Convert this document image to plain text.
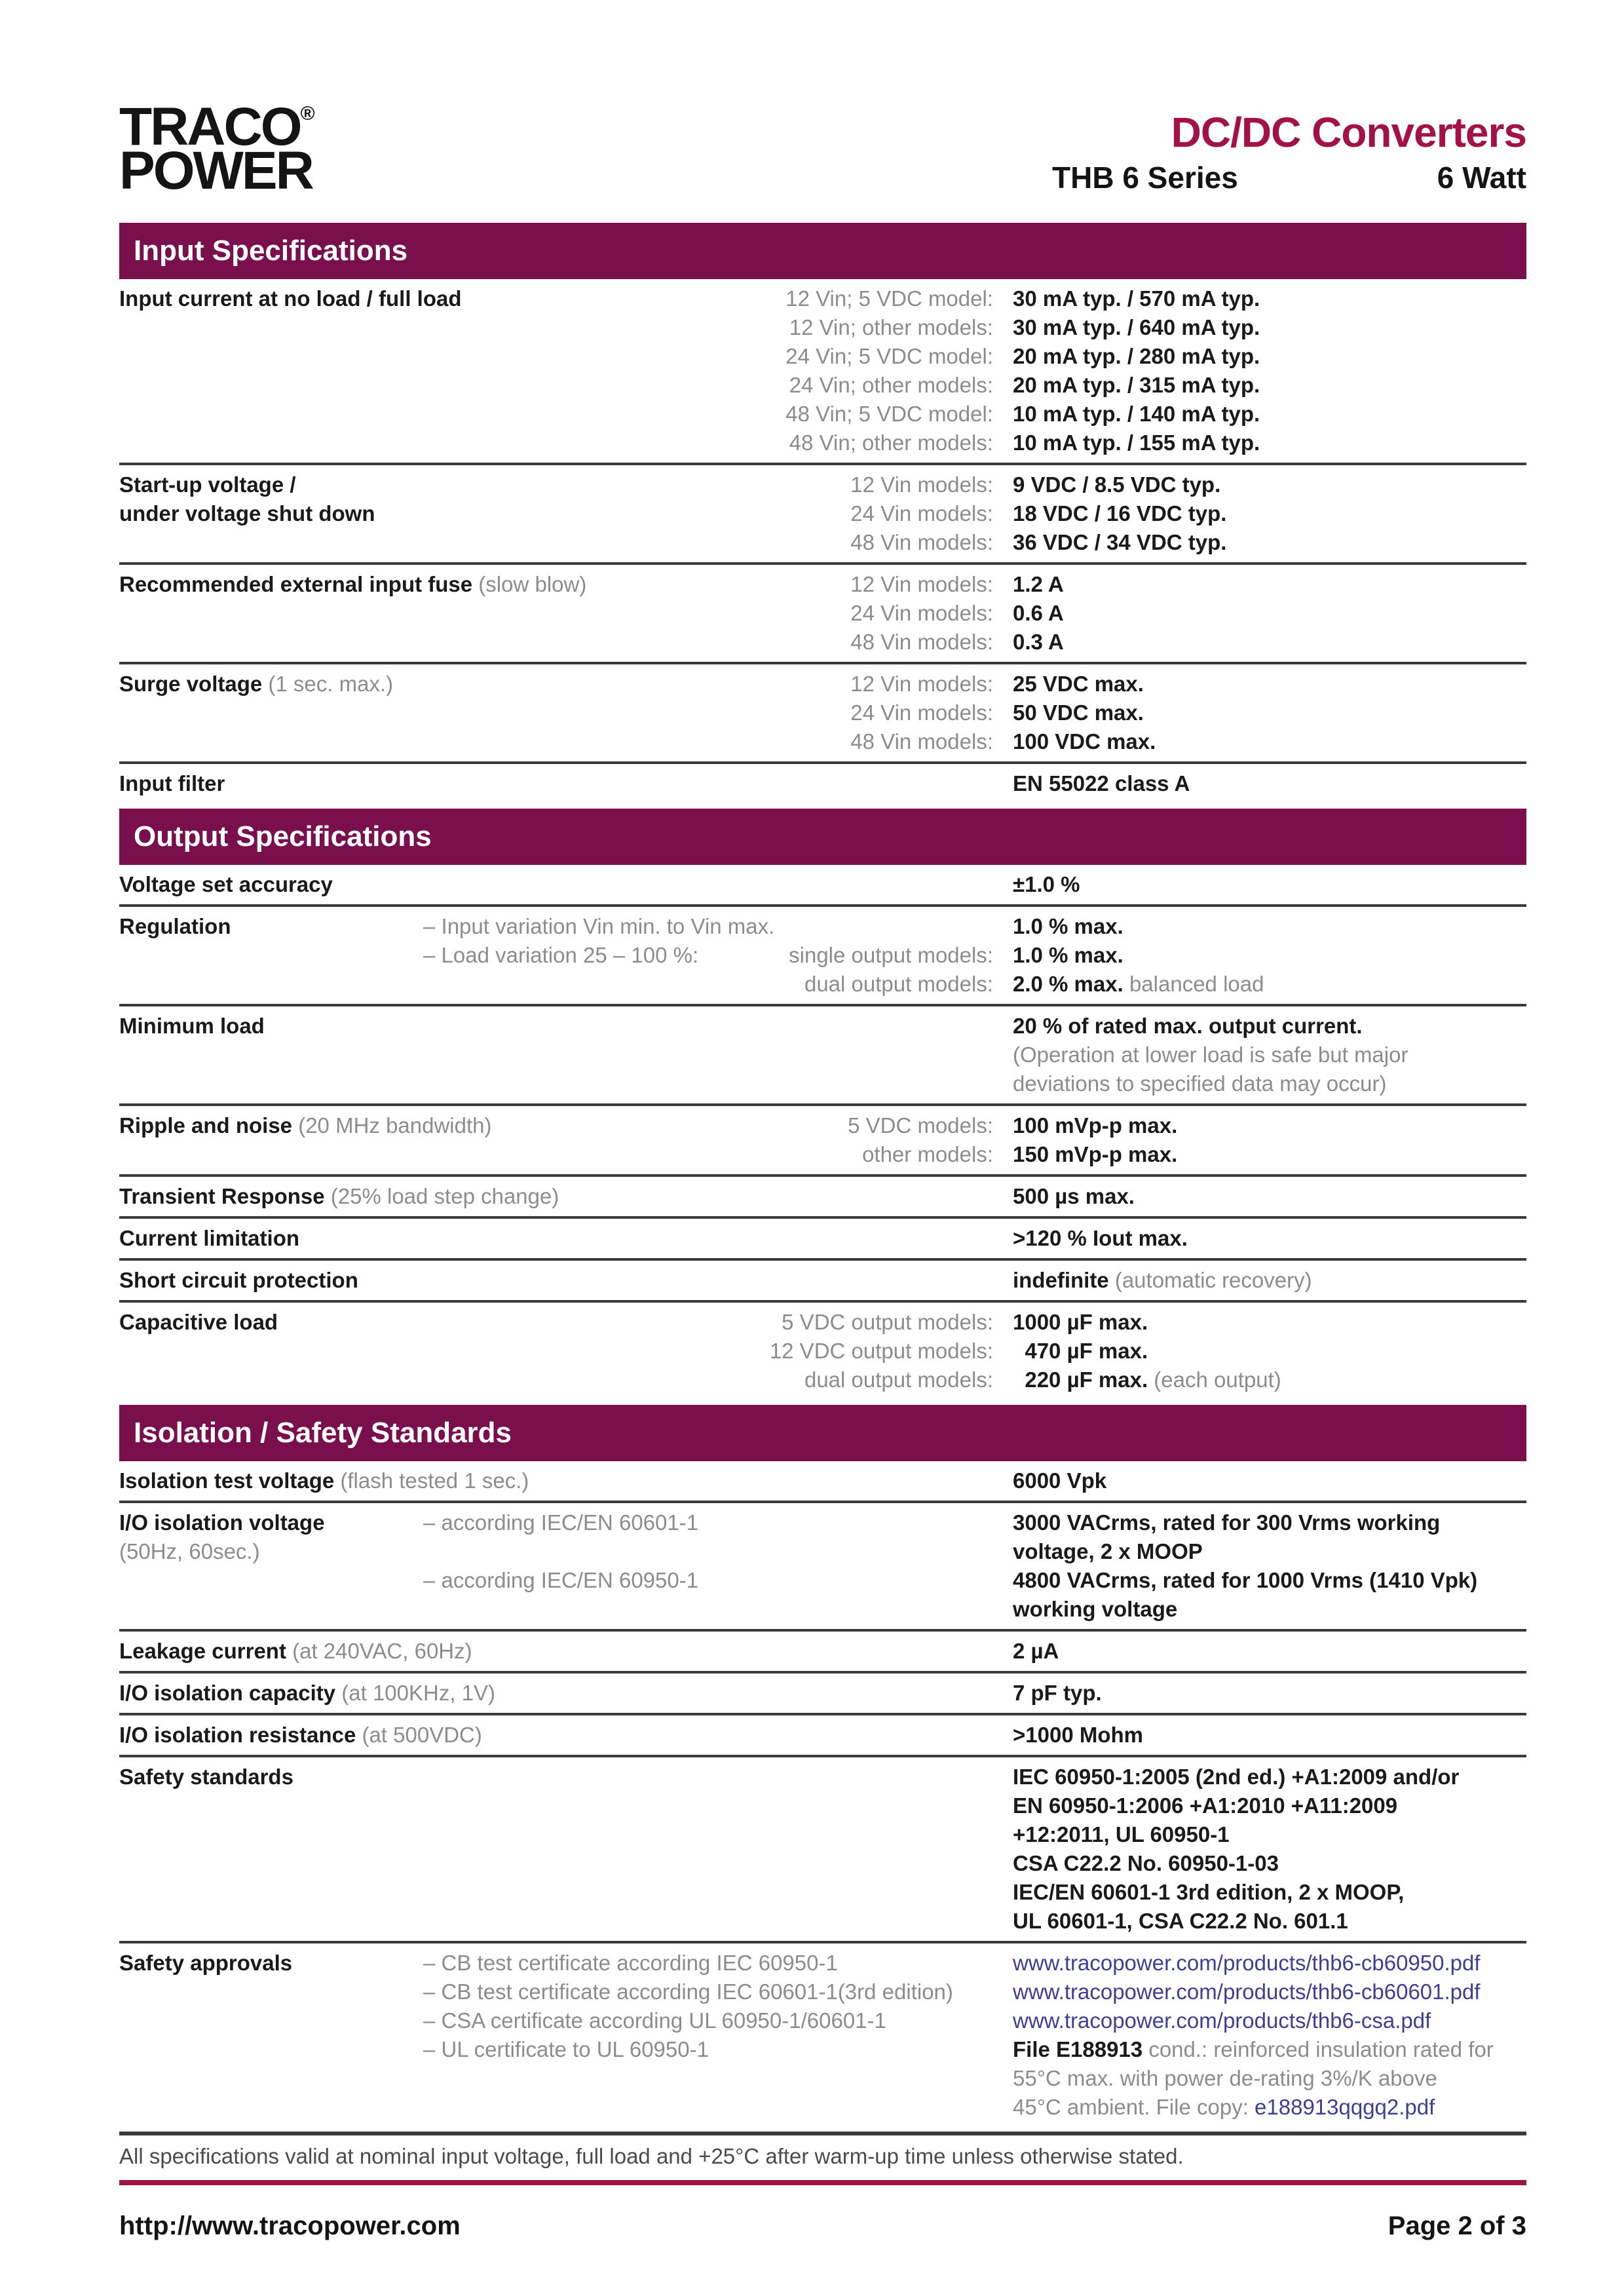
TRACO®
POWER
DC/DC Converters
THB 6 Series	6 Watt
Input Specifications
Input current at no load / full load	12 Vin; 5 VDC model: 30 mA typ. / 570 mA typ.
12 Vin; other models: 30 mA typ. / 640 mA typ.
24 Vin; 5 VDC model: 20 mA typ. / 280 mA typ.
24 Vin; other models: 20 mA typ. / 315 mA typ.
48 Vin; 5 VDC model: 10 mA typ. / 140 mA typ.
48 Vin; other models: 10 mA typ. / 155 mA typ.
Start-up voltage /
under voltage shut down
12 Vin models: 9 VDC / 8.5 VDC typ.
24 Vin models: 18 VDC / 16 VDC typ.
48 Vin models: 36 VDC / 34 VDC typ.
Recommended external input fuse (slow blow)	12 Vin models: 1.2 A
24 Vin models: 0.6 A
48 Vin models: 0.3 A
Surge voltage (1 sec. max.)	12 Vin models: 25 VDC max.
24 Vin models: 50 VDC max.
48 Vin models: 100 VDC max.
Input filter	EN 55022 class A
Output Specifications
Voltage set accuracy	±1.0 %
Regulation	– Input variation Vin min. to Vin max.	1.0 % max.
– Load variation 25 – 100 %:	single output models: 1.0 % max.
dual output models: 2.0 % max. balanced load
Minimum load	20 % of rated max. output current.
(Operation at lower load is safe but major
deviations to specified data may occur)
Ripple and noise (20 MHz bandwidth)	5 VDC models: 100 mVp-p max.
other models: 150 mVp-p max.
Transient Response (25% load step change)	500 µs max.
Current limitation	>120 % Iout max.
Short circuit protection	indefinite (automatic recovery)
Capacitive load	5 VDC output models: 1000 µF max.
12 VDC output models: 470 µF max.
dual output models: 220 µF max. (each output)
Isolation / Safety Standards
Isolation test voltage (flash tested 1 sec.)	6000 Vpk
I/O isolation voltage
(50Hz, 60sec.)
– according IEC/EN 60601-1	3000 VACrms, rated for 300 Vrms working
voltage, 2 x MOOP
– according IEC/EN 60950-1	4800 VACrms, rated for 1000 Vrms (1410 Vpk)
working voltage
Leakage current (at 240VAC, 60Hz)	2 µA
I/O isolation capacity (at 100KHz, 1V)	7 pF typ.
I/O isolation resistance (at 500VDC)	>1000 Mohm
Safety standards	IEC 60950-1:2005 (2nd ed.) +A1:2009 and/or
EN 60950-1:2006 +A1:2010 +A11:2009
+12:2011, UL 60950-1
CSA C22.2 No. 60950-1-03
IEC/EN 60601-1 3rd edition, 2 x MOOP,
UL 60601-1, CSA C22.2 No. 601.1
Safety approvals	– CB test certificate according IEC 60950-1	www.tracopower.com/products/thb6-cb60950.pdf
– CB test certificate according IEC 60601-1(3rd edition)	www.tracopower.com/products/thb6-cb60601.pdf
– CSA certificate according UL 60950-1/60601-1	www.tracopower.com/products/thb6-csa.pdf
– UL certificate to UL 60950-1	File E188913 cond.: reinforced insulation rated for
55°C max. with power de-rating 3%/K above
45°C ambient. File copy: e188913qqgq2.pdf
All specifications valid at nominal input voltage, full load and +25°C after warm-up time unless otherwise stated.
http://www.tracopower.com	Page 2 of 3
